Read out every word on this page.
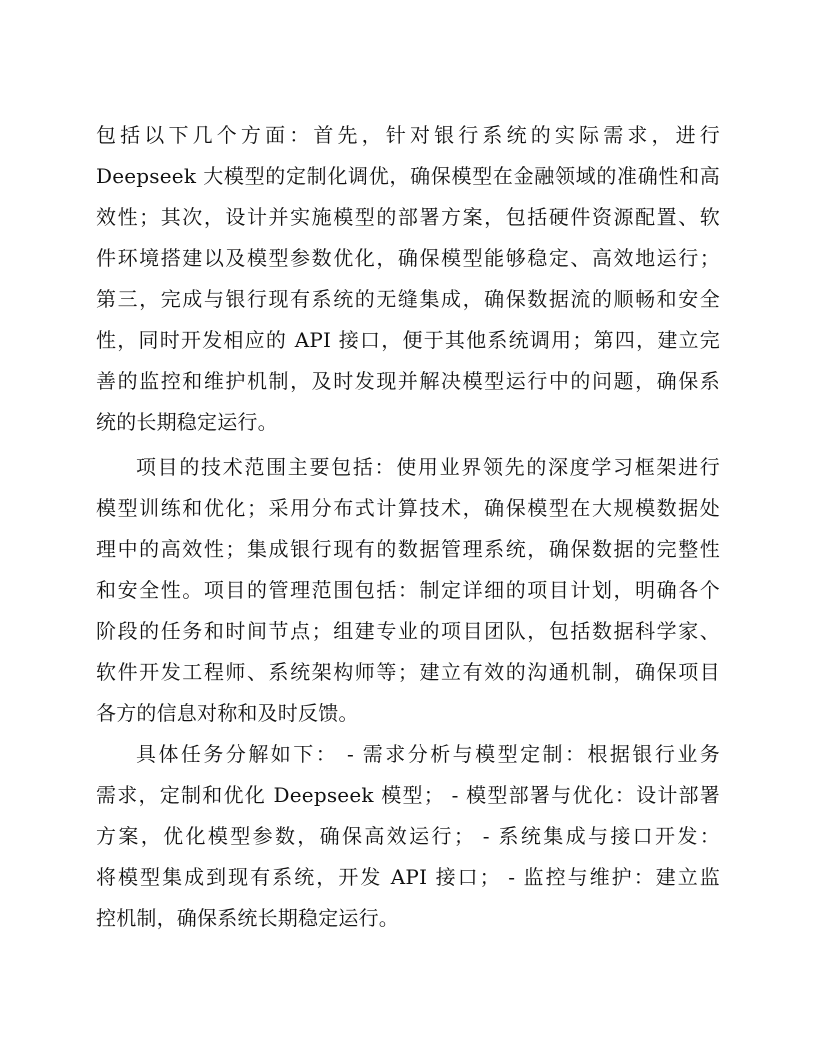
包括以下几个方面：首先，针对银行系统的实际需求，进行
Deepseek 大模型的定制化调优，确保模型在金融领域的准确性和高
效性；其次，设计并实施模型的部署方案，包括硬件资源配置、软
件环境搭建以及模型参数优化，确保模型能够稳定、高效地运行；
第三，完成与银行现有系统的无缝集成，确保数据流的顺畅和安全
性，同时开发相应的 API 接口，便于其他系统调用；第四，建立完
善的监控和维护机制，及时发现并解决模型运行中的问题，确保系
统的长期稳定运行。
项目的技术范围主要包括：使用业界领先的深度学习框架进行
模型训练和优化；采用分布式计算技术，确保模型在大规模数据处
理中的高效性；集成银行现有的数据管理系统，确保数据的完整性
和安全性。项目的管理范围包括：制定详细的项目计划，明确各个
阶段的任务和时间节点；组建专业的项目团队，包括数据科学家、
软件开发工程师、系统架构师等；建立有效的沟通机制，确保项目
各方的信息对称和及时反馈。
具体任务分解如下： - 需求分析与模型定制：根据银行业务
需求，定制和优化 Deepseek 模型； - 模型部署与优化：设计部署
方案，优化模型参数，确保高效运行； - 系统集成与接口开发：
将模型集成到现有系统，开发 API 接口； - 监控与维护：建立监
控机制，确保系统长期稳定运行。
